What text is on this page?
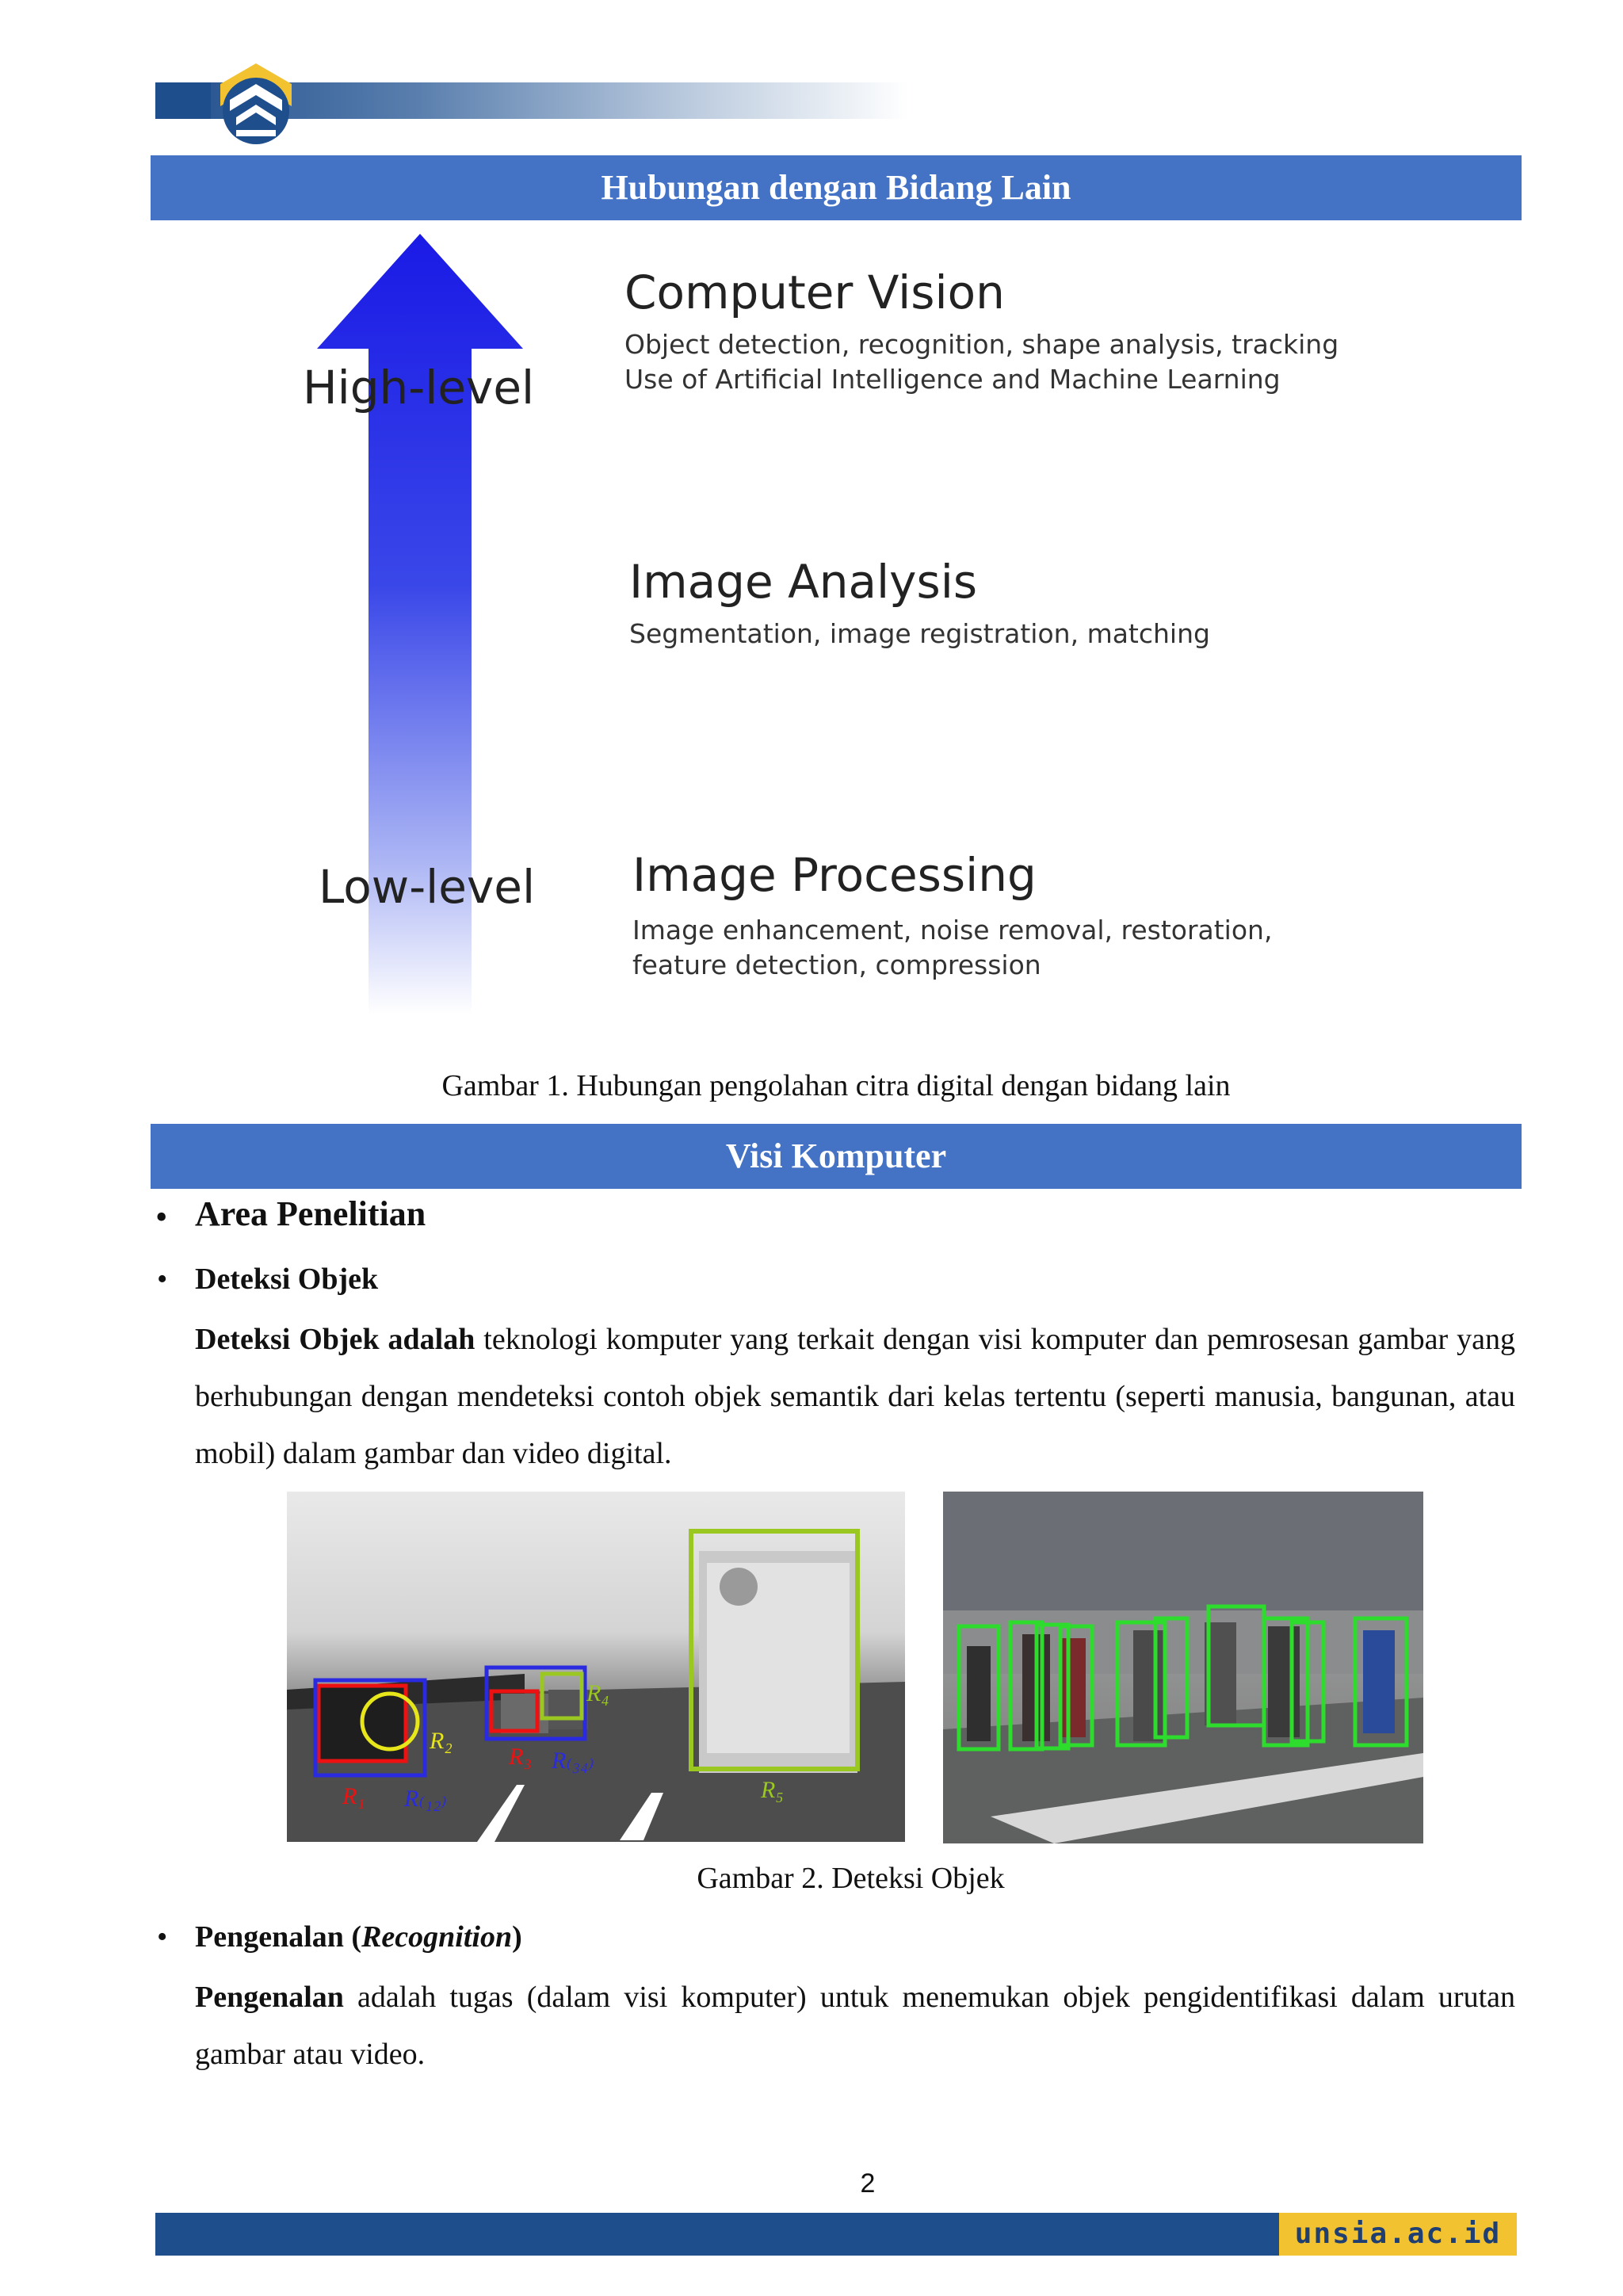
Hubungan dengan Bidang Lain
High-level
Low-level
Computer Vision
Object detection, recognition, shape analysis, tracking
Use of Artificial Intelligence and Machine Learning
Image Analysis
Segmentation, image registration, matching
Image Processing
Image enhancement, noise removal, restoration,
feature detection, compression
Gambar 1. Hubungan pengolahan citra digital dengan bidang lain
Visi Komputer
• Area Penelitian
• Deteksi Objek
Deteksi Objek adalah teknologi komputer yang terkait dengan visi komputer dan pemrosesan gambar yang berhubungan dengan mendeteksi contoh objek semantik dari kelas tertentu (seperti manusia, bangunan, atau mobil) dalam gambar dan video digital.
R₁
R₂
R₃
R₄
R₅
R₍₁₂₎
R₍₃₄₎
Gambar 2. Deteksi Objek
• Pengenalan (Recognition)
Pengenalan adalah tugas (dalam visi komputer) untuk menemukan objek pengidentifikasi dalam urutan gambar atau video.
2
unsia.ac.id
